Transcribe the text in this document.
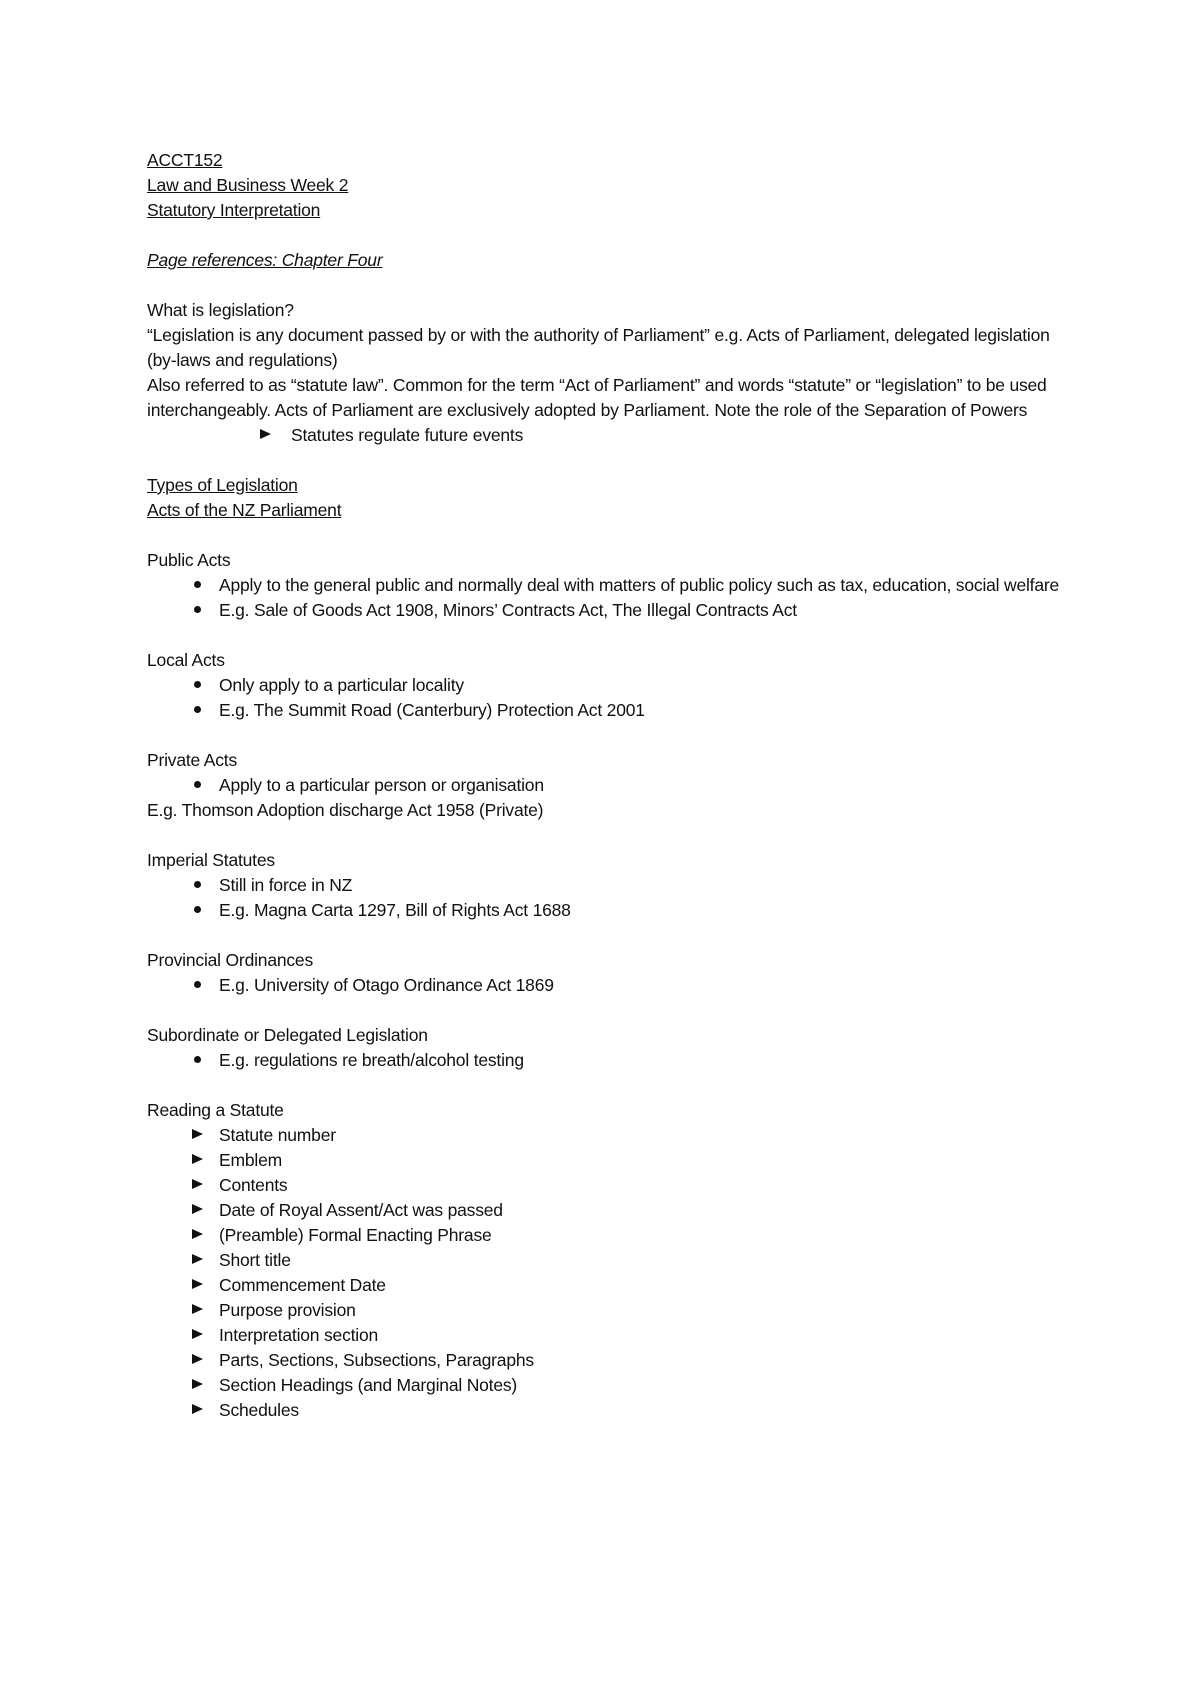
ACCT152

Law and Business Week 2

Statutory Interpretation

Page references: Chapter Four

What is legislation?

“Legislation is any document passed by or with the authority of Parliament” e.g. Acts of Parliament, delegated legislation (by-laws and regulations)

Also referred to as “statute law”. Common for the term “Act of Parliament” and words “statute” or “legislation” to be used interchangeably. Acts of Parliament are exclusively adopted by Parliament. Note the role of the Separation of Powers

Statutes regulate future events

Types of Legislation

Acts of the NZ Parliament

Public Acts

Apply to the general public and normally deal with matters of public policy such as tax, education, social welfare
E.g. Sale of Goods Act 1908, Minors’ Contracts Act, The Illegal Contracts Act

Local Acts

Only apply to a particular locality
E.g. The Summit Road (Canterbury) Protection Act 2001

Private Acts

Apply to a particular person or organisation

E.g. Thomson Adoption discharge Act 1958 (Private)

Imperial Statutes

Still in force in NZ
E.g. Magna Carta 1297, Bill of Rights Act 1688

Provincial Ordinances

E.g. University of Otago Ordinance Act 1869

Subordinate or Delegated Legislation

E.g. regulations re breath/alcohol testing

Reading a Statute

Statute number
Emblem
Contents
Date of Royal Assent/Act was passed
(Preamble) Formal Enacting Phrase
Short title
Commencement Date
Purpose provision
Interpretation section
Parts, Sections, Subsections, Paragraphs
Section Headings (and Marginal Notes)
Schedules
